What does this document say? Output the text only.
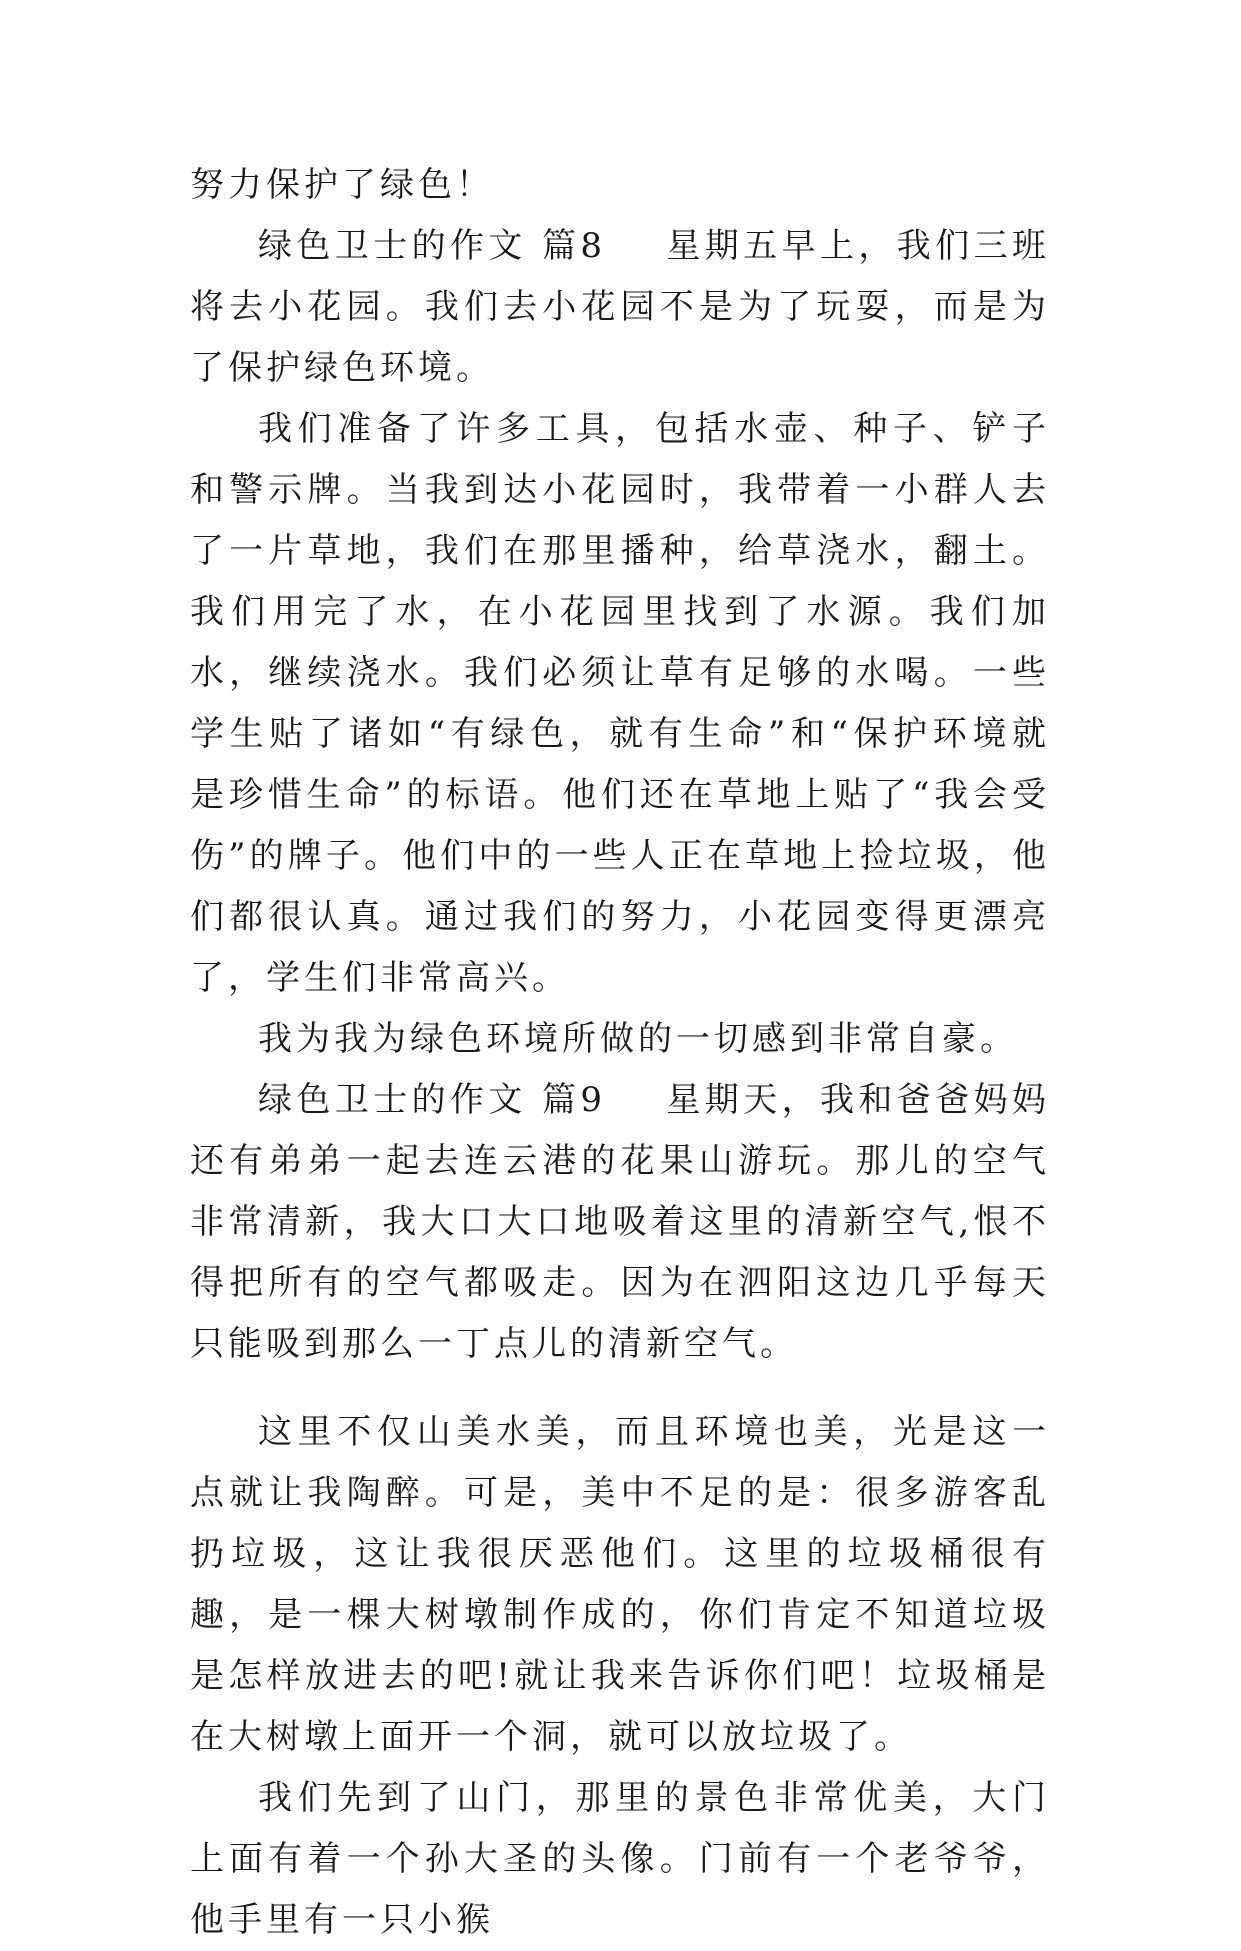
努力保护了绿色！

绿色卫士的作文 篇8 星期五早上，我们三班将去小花园。我们去小花园不是为了玩耍，而是为了保护绿色环境。

我们准备了许多工具，包括水壶、种子、铲子和警示牌。当我到达小花园时，我带着一小群人去了一片草地，我们在那里播种，给草浇水，翻土。我们用完了水，在小花园里找到了水源。我们加水，继续浇水。我们必须让草有足够的水喝。一些学生贴了诸如“有绿色，就有生命”和“保护环境就是珍惜生命”的标语。他们还在草地上贴了“我会受伤”的牌子。他们中的一些人正在草地上捡垃圾，他们都很认真。通过我们的努力，小花园变得更漂亮了，学生们非常高兴。

我为我为绿色环境所做的一切感到非常自豪。

绿色卫士的作文 篇9 星期天，我和爸爸妈妈还有弟弟一起去连云港的花果山游玩。那儿的空气非常清新，我大口大口地吸着这里的清新空气,恨不得把所有的空气都吸走。因为在泗阳这边几乎每天只能吸到那么一丁点儿的清新空气。

这里不仅山美水美，而且环境也美，光是这一点就让我陶醉。可是，美中不足的是：很多游客乱扔垃圾，这让我很厌恶他们。这里的垃圾桶很有趣，是一棵大树墩制作成的，你们肯定不知道垃圾是怎样放进去的吧!就让我来告诉你们吧！垃圾桶是在大树墩上面开一个洞，就可以放垃圾了。

我们先到了山门，那里的景色非常优美，大门上面有着一个孙大圣的头像。门前有一个老爷爷，他手里有一只小猴
